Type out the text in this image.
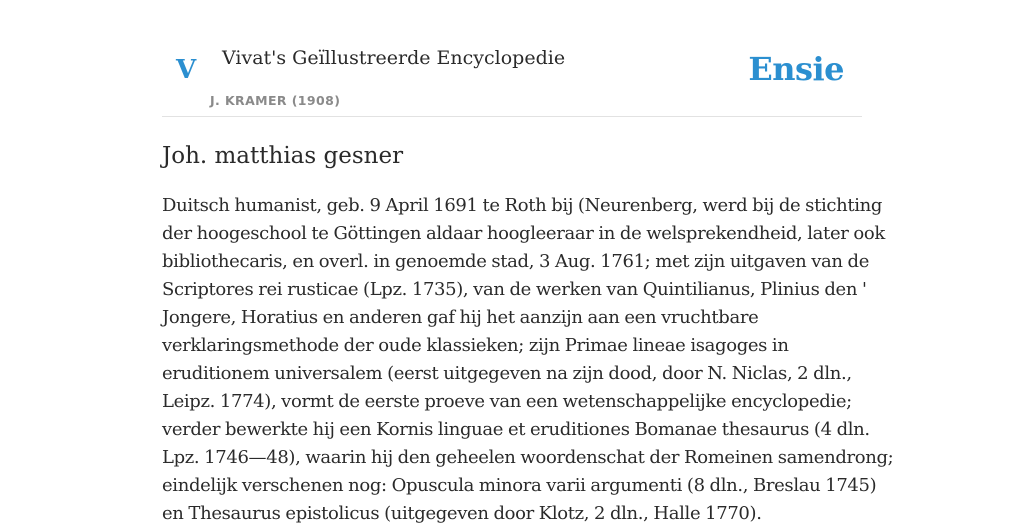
V Vivat's Geïllustreerde Encyclopedie
J. KRAMER (1908)
Ensie
Joh. matthias gesner
Duitsch humanist, geb. 9 April 1691 te Roth bij (Neurenberg, werd bij de stichting
der hoogeschool te Göttingen aldaar hoogleeraar in de welsprekendheid, later ook
bibliothecaris, en overl. in genoemde stad, 3 Aug. 1761; met zijn uitgaven van de
Scriptores rei rusticae (Lpz. 1735), van de werken van Quintilianus, Plinius den '
Jongere, Horatius en anderen gaf hij het aanzijn aan een vruchtbare
verklaringsmethode der oude klassieken; zijn Primae lineae isagoges in
eruditionem universalem (eerst uitgegeven na zijn dood, door N. Niclas, 2 dln.,
Leipz. 1774), vormt de eerste proeve van een wetenschappelijke encyclopedie;
verder bewerkte hij een Kornis linguae et eruditiones Bomanae thesaurus (4 dln.
Lpz. 1746—48), waarin hij den geheelen woordenschat der Romeinen samendrong;
eindelijk verschenen nog: Opuscula minora varii argumenti (8 dln., Breslau 1745)
en Thesaurus epistolicus (uitgegeven door Klotz, 2 dln., Halle 1770).
